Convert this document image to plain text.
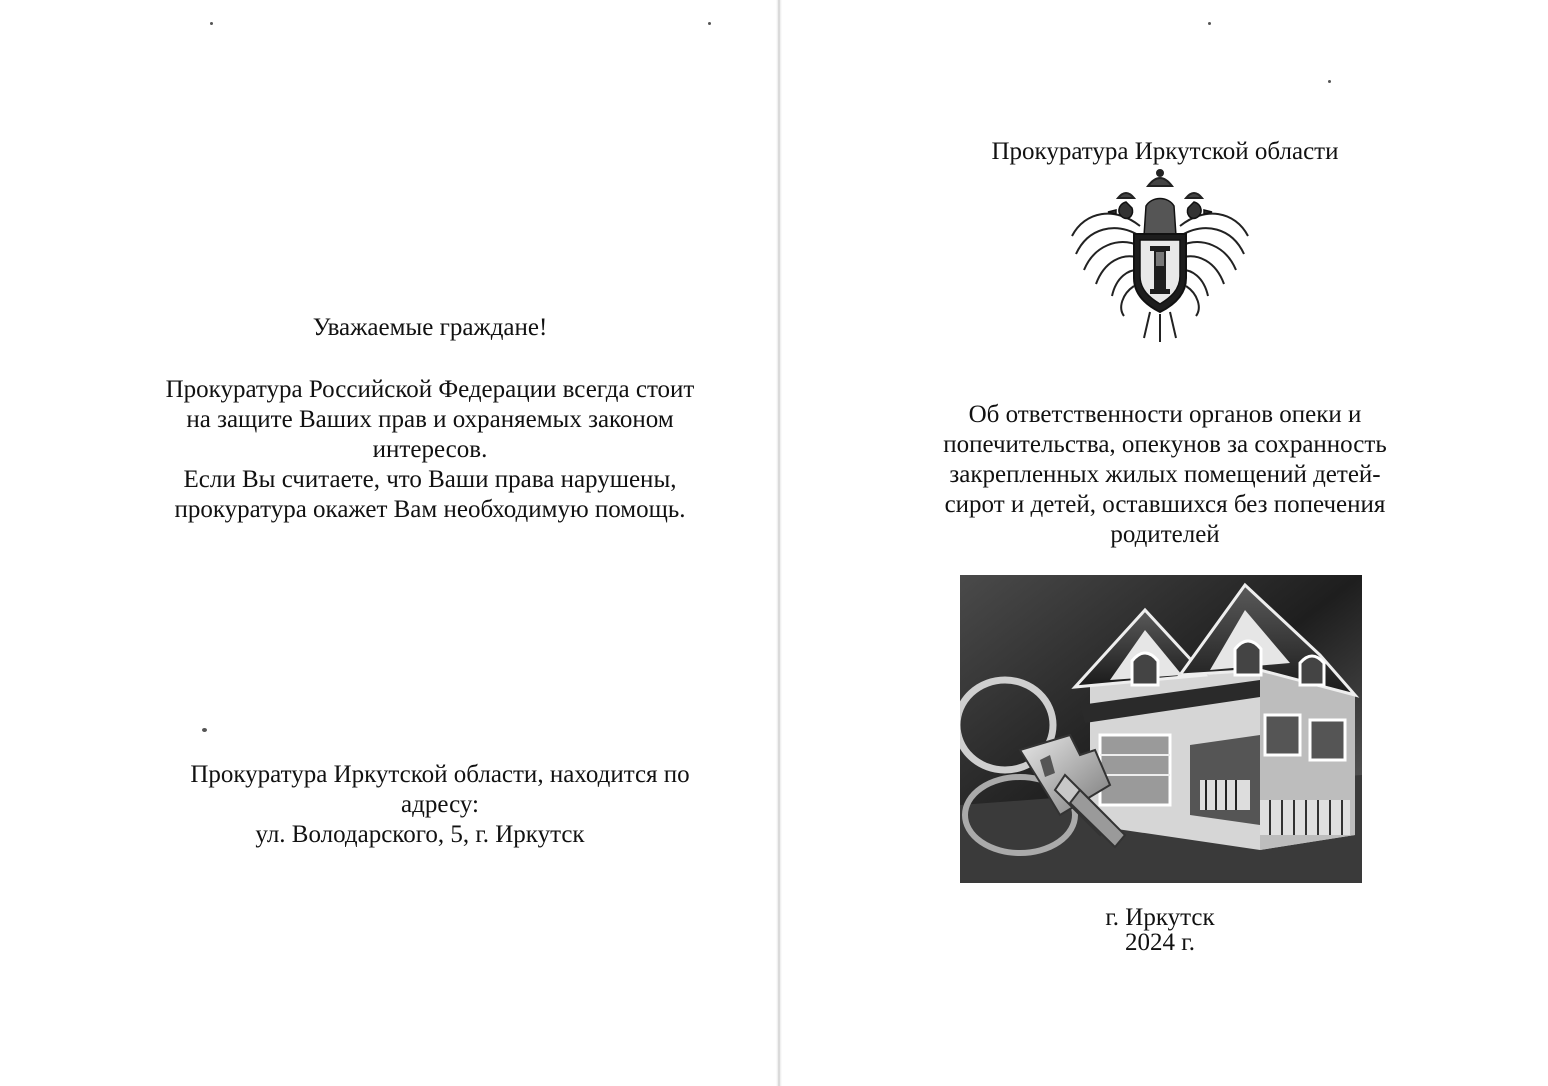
Уважаемые граждане!
Прокуратура Российской Федерации всегда стоит
на защите Ваших прав и охраняемых законом
интересов.
Если Вы считаете, что Ваши права нарушены,
прокуратура окажет Вам необходимую помощь.
Прокуратура Иркутской области, находится по
адресу:
ул. Володарского, 5, г. Иркутск
Прокуратура Иркутской области
Об ответственности органов опеки и
попечительства, опекунов за сохранность
закрепленных жилых помещений детей-
сирот и детей, оставшихся без попечения
родителей
г. Иркутск
2024 г.
